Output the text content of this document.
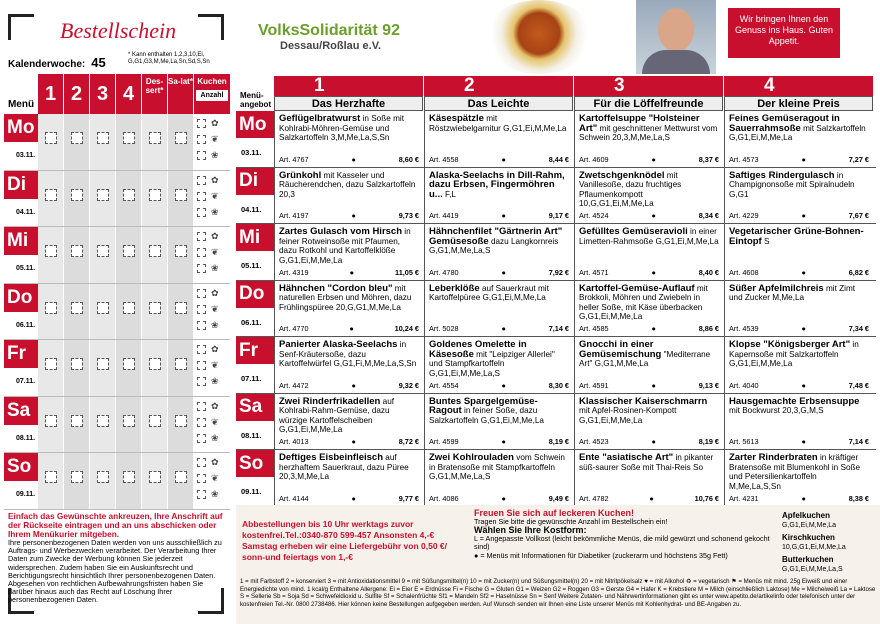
Bestellschein
Kalenderwoche: 45	* Kann enthalten 1,2,3,10,Ei, G,G1,G3,M,Me,La,Sn,Sd,S,Sn
Menü 1 2 3 4
Des-sert*
Sa-lat* Kuchen
Anzahl
Mo
03.11.
✿
❦
❀
Di
04.11.
✿
❦
❀
Mi
05.11.
✿
❦
❀
Do
06.11.
✿
❦
❀
Fr
07.11.
✿
❦
❀
Sa
08.11.
✿
❦
❀
So
09.11.
✿
❦
❀
Einfach das Gewünschte ankreuzen, Ihre Anschrift auf der Rückseite eintragen und an uns abschicken oder Ihrem Menükurier mitgeben.
Ihre personenbezogenen Daten werden von uns ausschließlich zu Auftrags- und Werbezwecken verarbeitet. Der Verarbeitung Ihrer Daten zum Zwecke der Werbung können Sie jederzeit widersprechen. Zudem haben Sie ein Auskunftsrecht und Berichtigungsrecht hinsichtlich Ihrer personenbezogenen Daten. Abgesehen von rechtlichen Aufbewahrungsfristen haben Sie darüber hinaus auch das Recht auf Löschung Ihrer personenbezogenen Daten.
VolksSolidarität 92
Dessau/Roßlau e.V.
Wir bringen Ihnen den Genuss ins Haus. Guten Appetit.
Menü-angebot
1
Das Herzhafte
2
Das Leichte
3
Für die Löffelfreunde
4
Der kleine Preis
Mo
03.11.
Geflügelbratwurst in Soße mit Kohlrabi-Möhren-Gemüse und Salzkartoffeln 3,M,Me,La,S,Sn
Art. 4767	●	8,60 €
Käsespätzle mit Röstzwiebelgarnitur G,G1,Ei,M,Me,La
Art. 4558	●	8,44 €
Kartoffelsuppe "Holsteiner Art" mit geschnittener Mettwurst vom Schwein 20,3,M,Me,La,S
Art. 4609	●	8,37 €
Feines Gemüseragout in Sauerrahmsoße mit Salzkartoffeln G,G1,Ei,M,Me,La
Art. 4573	●	7,27 €
Di
04.11.
Grünkohl mit Kasseler und Räucherendchen, dazu Salzkartoffeln 20,3
Art. 4197	●	9,73 €
Alaska-Seelachs in Dill-Rahm, dazu Erbsen, Fingermöhren u... F,L
Art. 4419	●	9,17 €
Zwetschgenknödel mit Vanillesoße, dazu fruchtiges Pflaumenkompott 10,G,G1,Ei,M,Me,La
Art. 4524	●	8,34 €
Saftiges Rindergulasch in Champignonsoße mit Spiralnudeln G,G1
Art. 4229	●	7,67 €
Mi
05.11.
Zartes Gulasch vom Hirsch in feiner Rotweinsoße mit Pfaumen, dazu Rotkohl und Kartoffelklöße G,G1,Ei,M,Me,La
Art. 4319	●	11,05 €
Hähnchenfilet "Gärtnerin Art" Gemüsesoße dazu Langkornreis G,G1,M,Me,La,S
Art. 4780	●	7,92 €
Gefülltes Gemüseravioli in einer Limetten-Rahmsoße G,G1,Ei,M,Me,La
Art. 4571	●	8,40 €
Vegetarischer Grüne-Bohnen-Eintopf S
Art. 4608	●	6,82 €
Do
06.11.
Hähnchen "Cordon bleu" mit naturellen Erbsen und Möhren, dazu Frühlingspüree 20,G,G1,M,Me,La
Art. 4770	●	10,24 €
Leberklöße auf Sauerkraut mit Kartoffelpüree G,G1,Ei,M,Me,La
Art. 5028	●	7,14 €
Kartoffel-Gemüse-Auflauf mit Brokkoli, Möhren und Zwiebeln in heller Soße, mit Käse überbacken G,G1,Ei,M,Me,La
Art. 4585	●	8,86 €
Süßer Apfelmilchreis mit Zimt und Zucker M,Me,La
Art. 4539	●	7,34 €
Fr
07.11.
Panierter Alaska-Seelachs in Senf-Kräutersoße, dazu Kartoffelwürfel G,G1,Fi,M,Me,La,S,Sn
Art. 4472	●	9,32 €
Goldenes Omelette in Käsesoße mit "Leipziger Allerlei" und Stampfkartoffeln G,G1,Ei,M,Me,La,S
Art. 4554	●	8,30 €
Gnocchi in einer Gemüsemischung "Mediterrane Art" G,G1,M,Me,La
Art. 4591	●	9,13 €
Klopse "Königsberger Art" in Kapernsoße mit Salzkartoffeln G,G1,Ei,M,Me,La
Art. 4040	●	7,48 €
Sa
08.11.
Zwei Rinderfrikadellen auf Kohlrabi-Rahm-Gemüse, dazu würzige Kartoffelscheiben G,G1,Ei,M,Me,La
Art. 4013	●	8,72 €
Buntes Spargelgemüse-Ragout in feiner Soße, dazu Salzkartoffeln G,G1,Ei,M,Me,La
Art. 4599	●	8,19 €
Klassischer Kaiserschmarrn mit Apfel-Rosinen-Kompott G,G1,Ei,M,Me,La
Art. 4523	●	8,19 €
Hausgemachte Erbsensuppe mit Bockwurst 20,3,G,M,S
Art. 5613	●	7,14 €
So
09.11.
Deftiges Eisbeinfleisch auf herzhaftem Sauerkraut, dazu Püree 20,3,M,Me,La
Art. 4144	●	9,77 €
Zwei Kohlrouladen vom Schwein in Bratensoße mit Stampfkartoffeln G,G1,M,Me,La,S
Art. 4086	●	9,49 €
Ente "asiatische Art" in pikanter süß-saurer Soße mit Thai-Reis So
Art. 4782	●	10,76 €
Zarter Rinderbraten in kräftiger Bratensoße mit Blumenkohl in Soße und Petersilienkartoffeln M,Me,La,S,Sn
Art. 4231	●	8,38 €
Abbestellungen bis 10 Uhr werktags zuvor kostenfrei.Tel.:0340-870 599-457 Ansonsten 4,-€ Samstag erheben wir eine Liefergebühr von 0,50 €/ sonn-und feiertags von 1,-€
Freuen Sie sich auf leckeren Kuchen!
Tragen Sie bitte die gewünschte Anzahl im Bestellschein ein!
Wählen Sie Ihre Kostform:
L = Angepasste Vollkost (leicht bekömmliche Menüs, die mild gewürzt und schonend gekocht sind)
● = Menüs mit Informationen für Diabetiker (zuckerarm und höchstens 35g Fett)
Apfelkuchen
G,G1,Ei,M,Me,La
Kirschkuchen
10,G,G1,Ei,M,Me,La
Butterkuchen
G,G1,Ei,M,Me,La,S
1 = mit Farbstoff 2 = konserviert 3 = mit Antioxidationsmittel 9 = mit Süßungsmittel(n) 10 = mit Zucker(n) und Süßungsmittel(n) 20 = mit Nitritpökelsalz ♥ = mit Alkohol ♻ = vegetarisch ⚑ = Menüs mit mind. 25g Eiweiß und einer Energiedichte von mind. 1 kcal/g Enthaltene Allergene: Ei = Eier E = Erdnüsse Fi = Fische G = Gluten G1 = Weizen G2 = Roggen G3 = Gerste G4 = Hafer K = Krebstiere M = Milch (einschließlich Laktose) Me = Milcheiweiß La = Laktose S = Sellerie Sb = Soja Sd = Schwefeldioxid u. Sulfite Sf = Schalenfrüchte Sf1 = Mandeln Sf2 = Haselnüsse Sn = Senf Weitere Zutaten- und Nährwertinformationen gibt es unter www.apetito.de/artikelinfo oder telefonisch unter der kostenfreien Tel.-Nr. 0800 2738486. Hier können keine Bestellungen aufgegeben werden. Auf Wunsch senden wir Ihnen eine Liste unserer Menüs mit Kohlenhydrat- und BE-Angaben zu.
